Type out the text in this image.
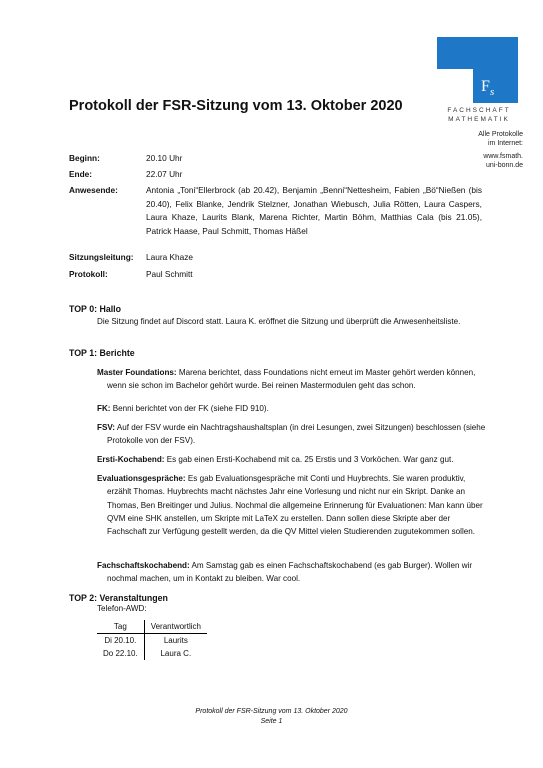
F s
FACHSCHAFT
MATHEMATIK
Alle Protokolle
im Internet:
www.fsmath.
uni-bonn.de
Protokoll der FSR-Sitzung vom 13. Oktober 2020
Beginn:	20.10 Uhr
Ende:	22.07 Uhr
Anwesende:	Antonia „Toni“Ellerbrock (ab 20.42), Benjamin „Benni“Nettesheim, Fabien „Bö“Nießen (bis 20.40), Felix Blanke, Jendrik Stelzner, Jonathan Wiebusch, Julia Rötten, Laura Caspers, Laura Khaze, Laurits Blank, Marena Richter, Martin Böhm, Matthias Cala (bis 21.05), Patrick Haase, Paul Schmitt, Thomas Häßel
Sitzungsleitung: Laura Khaze
Protokoll:	Paul Schmitt
TOP 0: Hallo
Die Sitzung findet auf Discord statt. Laura K. eröffnet die Sitzung und überprüft die Anwesenheitsliste.
TOP 1: Berichte
Master Foundations: Marena berichtet, dass Foundations nicht erneut im Master gehört werden können, wenn sie schon im Bachelor gehört wurde. Bei reinen Mastermodulen geht das schon.
FK: Benni berichtet von der FK (siehe FID 910).
FSV: Auf der FSV wurde ein Nachtragshaushaltsplan (in drei Lesungen, zwei Sitzungen) beschlossen (siehe Protokolle von der FSV).
Ersti-Kochabend: Es gab einen Ersti-Kochabend mit ca. 25 Erstis und 3 Vorköchen. War ganz gut.
Evaluationsgespräche: Es gab Evaluationsgespräche mit Conti und Huybrechts. Sie waren produktiv, erzählt Thomas. Huybrechts macht nächstes Jahr eine Vorlesung und nicht nur ein Skript. Danke an Thomas, Ben Breitinger und Julius. Nochmal die allgemeine Erinnerung für Evaluationen: Man kann über QVM eine SHK anstellen, um Skripte mit LaTeX zu erstellen. Dann sollen diese Skripte aber der Fachschaft zur Verfügung gestellt werden, da die QV Mittel vielen Studierenden zugutekommen sollen.
Fachschaftskochabend: Am Samstag gab es einen Fachschaftskochabend (es gab Burger). Wollen wir nochmal machen, um in Kontakt zu bleiben. War cool.
TOP 2: Veranstaltungen
Telefon-AWD:
Tag	Verantwortlich
Di 20.10.	Laurits
Do 22.10.	Laura C.
Protokoll der FSR-Sitzung vom 13. Oktober 2020
Seite 1
